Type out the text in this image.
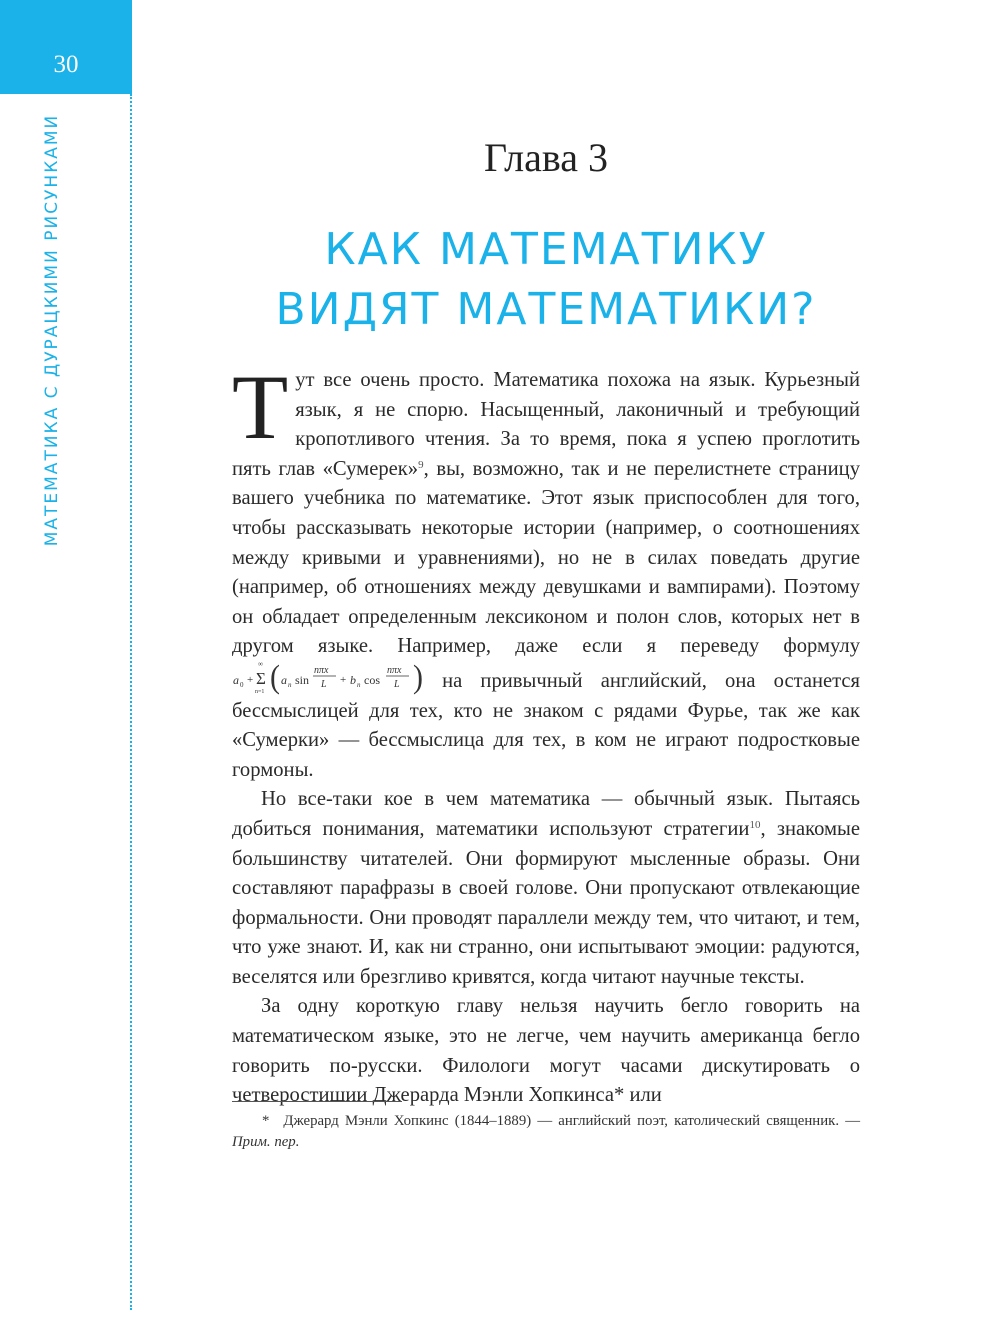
30
МАТЕМАТИКА С ДУРАЦКИМИ РИСУНКАМИ	Глава 3
КАК МАТЕМАТИКУ
ВИДЯТ МАТЕМАТИКИ?

Тут все очень просто. Математика похожа на язык. Курьезный язык, я не спорю. Насыщенный, лаконичный и требующий кропотливого чтения. За то время, пока я успею проглотить пять глав «Сумерек»$^9$, вы, возможно, так и не перелистнете страницу вашего учебника по математике. Этот язык приспособлен для того, чтобы рассказывать некоторые истории (например, о соотношениях между кривыми и уравнениями), но не в силах поведать другие (например, об отношениях между девушками и вампирами). Поэтому он обладает определенным лексиконом и полон слов, которых нет в другом языке. Например, даже если я переведу формулу
a 0 +
∞
Σ
n=1 ( a n sin
nπx
L + b n cos
nπx
L ) на привычный английский, она останется бессмыслицей для тех, кто не знаком с рядами Фурье, так же как «Сумерки» — бессмыслица для тех, в ком не играют подростковые гормоны.

Но все-таки кое в чем математика — обычный язык. Пытаясь добиться понимания, математики используют стратегии$^{10}$, знакомые большинству читателей. Они формируют мысленные образы. Они составляют парафразы в своей голове. Они пропускают отвлекающие формальности. Они проводят параллели между тем, что читают, и тем, что уже знают. И, как ни странно, они испытывают эмоции: радуются, веселятся или брезгливо кривятся, когда читают научные тексты.

За одну короткую главу нельзя научить бегло говорить на математическом языке, это не легче, чем научить американца бегло говорить по-русски. Филологи могут часами дискутировать о четверостишии Джерарда Мэнли Хопкинса* или

* Джерард Мэнли Хопкинс (1844–1889) — английский поэт, католический священник. — Прим. пер.
